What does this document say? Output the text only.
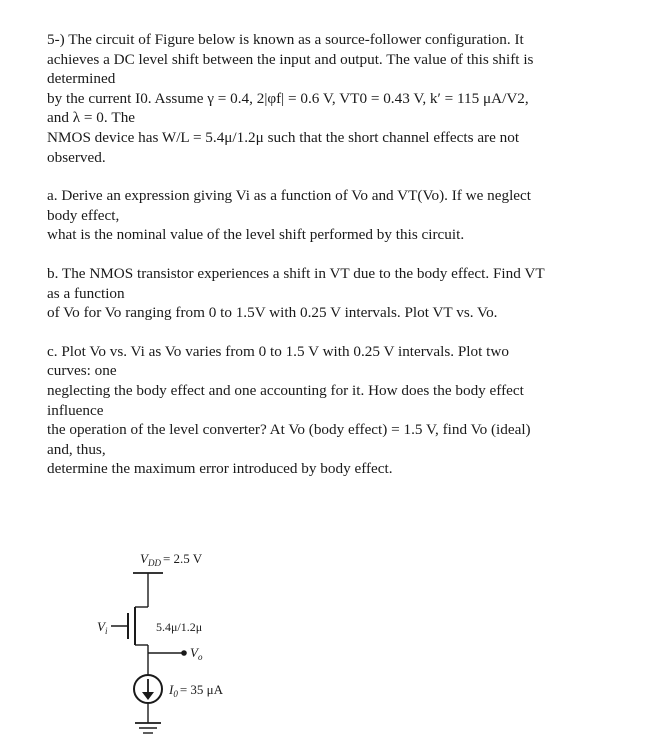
5-) The circuit of Figure below is known as a source-follower configuration. It
achieves a DC level shift between the input and output. The value of this shift is
determined
by the current I0. Assume γ = 0.4, 2|φf| = 0.6 V, VT0 = 0.43 V, k′ = 115 μA/V2,
and λ = 0. The
NMOS device has W/L = 5.4μ/1.2μ such that the short channel effects are not
observed.
a. Derive an expression giving Vi as a function of Vo and VT(Vo). If we neglect
body effect,
what is the nominal value of the level shift performed by this circuit.
b. The NMOS transistor experiences a shift in VT due to the body effect. Find VT
as a function
of Vo for Vo ranging from 0 to 1.5V with 0.25 V intervals. Plot VT vs. Vo.
c. Plot Vo vs. Vi as Vo varies from 0 to 1.5 V with 0.25 V intervals. Plot two
curves: one
neglecting the body effect and one accounting for it. How does the body effect
influence
the operation of the level converter? At Vo (body effect) = 1.5 V, find Vo (ideal)
and, thus,
determine the maximum error introduced by body effect.
$V_{DD} = 2.5$ V
$V_i$	5.4μ/1.2μ
$V_o$
$I_0 = 35$ μA
